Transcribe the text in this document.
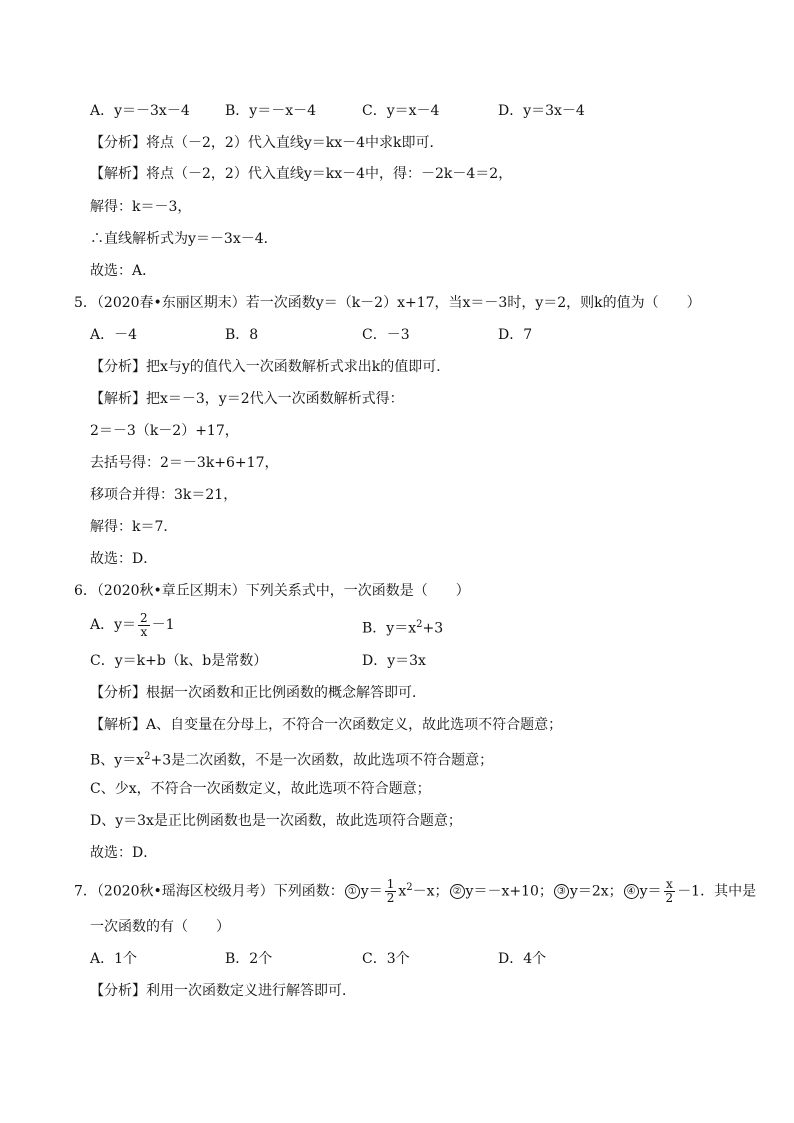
A．y＝－3x－4	B．y＝－x－4	C．y＝x－4	D．y＝3x－4
【分析】将点（－2，2）代入直线y＝kx－4中求k即可．
【解析】将点（－2，2）代入直线y＝kx－4中，得：－2k－4＝2，
解得：k＝－3，
∴直线解析式为y＝－3x－4．
故选：A．
5．（2020春•东丽区期末）若一次函数y＝（k－2）x+17，当x＝－3时，y＝2，则k的值为（　　）
A．－4	B．8	C．－3	D．7
【分析】把x与y的值代入一次函数解析式求出k的值即可．
【解析】把x＝－3，y＝2代入一次函数解析式得：
2＝－3（k－2）+17，
去括号得：2＝－3k+6+17，
移项合并得：3k＝21，
解得：k＝7．
故选：D．
6．（2020秋•章丘区期末）下列关系式中，一次函数是（　　）
A．$y= \frac{2}{x} -1$	B．$y=x^2+3$
C．y＝k+b（k、b是常数）	D．y＝3x
【分析】根据一次函数和正比例函数的概念解答即可．
【解析】A、自变量在分母上，不符合一次函数定义，故此选项不符合题意；
B、$y=x^2+3$是二次函数，不是一次函数，故此选项不符合题意；
C、少x，不符合一次函数定义，故此选项不符合题意；
D、y＝3x是正比例函数也是一次函数，故此选项符合题意；
故选：D．
7．（2020秋•瑶海区校级月考）下列函数： ① $y= \frac{1}{2} x^2-x$； ② y＝－x+10； ③ y＝2x； ④ $y= \frac{x}{2} -1$．其中是
一次函数的有（　　）
A．1个	B．2个	C．3个	D．4个
【分析】利用一次函数定义进行解答即可．
